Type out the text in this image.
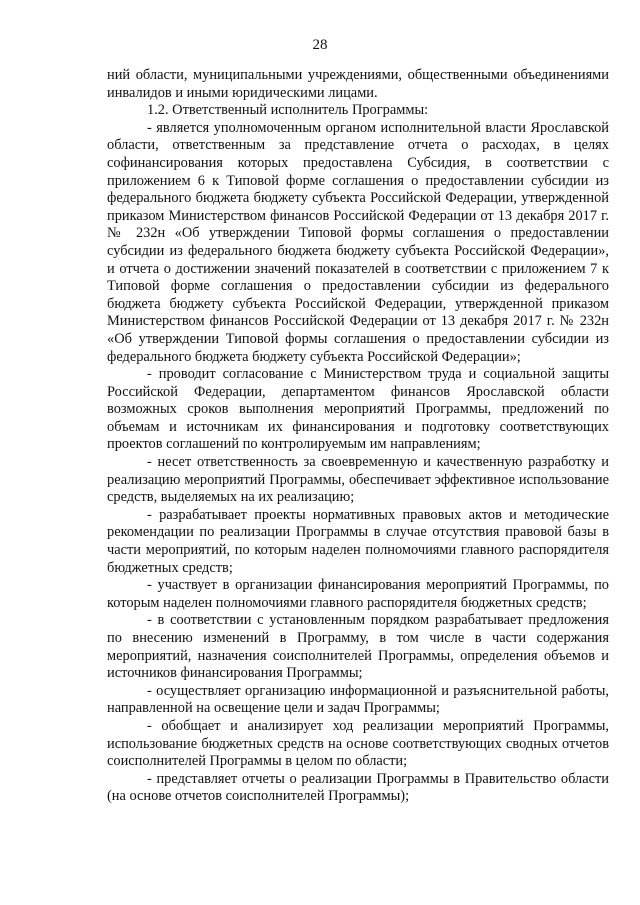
28

ний области, муниципальными учреждениями, общественными объединениями инвалидов и иными юридическими лицами.

1.2. Ответственный исполнитель Программы:

- является уполномоченным органом исполнительной власти Ярославской области, ответственным за представление отчета о расходах, в целях софинансирования которых предоставлена Субсидия, в соответствии с приложением 6 к Типовой форме соглашения о предоставлении субсидии из федерального бюджета бюджету субъекта Российской Федерации, утвержденной приказом Министерством финансов Российской Федерации от 13 декабря 2017 г. № 232н «Об утверждении Типовой формы соглашения о предоставлении субсидии из федерального бюджета бюджету субъекта Российской Федерации», и отчета о достижении значений показателей в соответствии с приложением 7 к Типовой форме соглашения о предоставлении субсидии из федерального бюджета бюджету субъекта Российской Федерации, утвержденной приказом Министерством финансов Российской Федерации от 13 декабря 2017 г. № 232н «Об утверждении Типовой формы соглашения о предоставлении субсидии из федерального бюджета бюджету субъекта Российской Федерации»;

- проводит согласование с Министерством труда и социальной защиты Российской Федерации, департаментом финансов Ярославской области возможных сроков выполнения мероприятий Программы, предложений по объемам и источникам их финансирования и подготовку соответствующих проектов соглашений по контролируемым им направлениям;

- несет ответственность за своевременную и качественную разработку и реализацию мероприятий Программы, обеспечивает эффективное использование средств, выделяемых на их реализацию;

- разрабатывает проекты нормативных правовых актов и методические рекомендации по реализации Программы в случае отсутствия правовой базы в части мероприятий, по которым наделен полномочиями главного распорядителя бюджетных средств;

- участвует в организации финансирования мероприятий Программы, по которым наделен полномочиями главного распорядителя бюджетных средств;

- в соответствии с установленным порядком разрабатывает предложения по внесению изменений в Программу, в том числе в части содержания мероприятий, назначения соисполнителей Программы, определения объемов и источников финансирования Программы;

- осуществляет организацию информационной и разъяснительной работы, направленной на освещение цели и задач Программы;

- обобщает и анализирует ход реализации мероприятий Программы, использование бюджетных средств на основе соответствующих сводных отчетов соисполнителей Программы в целом по области;

- представляет отчеты о реализации Программы в Правительство области (на основе отчетов соисполнителей Программы);
